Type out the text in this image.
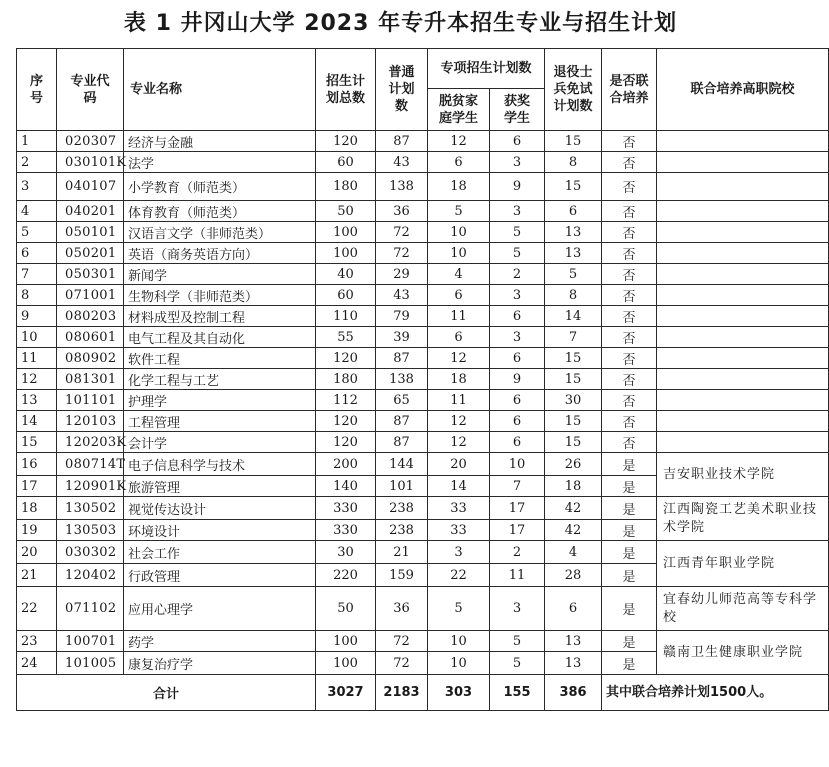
表 1 井冈山大学 2023 年专升本招生专业与招生计划
序号	专业代码	专业名称	招生计划总数	普通计划数	专项招生计划数		退役士兵免试计划数	是否联合培养	联合培养高职院校
					脱贫家庭学生	获奖学生			
1	020307	经济与金融	120	87	12	6	15	否	
2	030101K	法学	60	43	6	3	8	否	
3	040107	小学教育（师范类）	180	138	18	9	15	否	
4	040201	体育教育（师范类）	50	36	5	3	6	否	
5	050101	汉语言文学（非师范类）	100	72	10	5	13	否	
6	050201	英语（商务英语方向）	100	72	10	5	13	否	
7	050301	新闻学	40	29	4	2	5	否	
8	071001	生物科学（非师范类）	60	43	6	3	8	否	
9	080203	材料成型及控制工程	110	79	11	6	14	否	
10	080601	电气工程及其自动化	55	39	6	3	7	否	
11	080902	软件工程	120	87	12	6	15	否	
12	081301	化学工程与工艺	180	138	18	9	15	否	
13	101101	护理学	112	65	11	6	30	否	
14	120103	工程管理	120	87	12	6	15	否	
15	120203K	会计学	120	87	12	6	15	否	
16	080714T	电子信息科学与技术	200	144	20	10	26	是	吉安职业技术学院
17	120901K	旅游管理	140	101	14	7	18	是	
18	130502	视觉传达设计	330	238	33	17	42	是	江西陶瓷工艺美术职业技术学院
19	130503	环境设计	330	238	33	17	42	是	
20	030302	社会工作	30	21	3	2	4	是	江西青年职业学院
21	120402	行政管理	220	159	22	11	28	是	
22	071102	应用心理学	50	36	5	3	6	是	宜春幼儿师范高等专科学校
23	100701	药学	100	72	10	5	13	是	赣南卫生健康职业学院
24	101005	康复治疗学	100	72	10	5	13	是	
合计			3027	2183	303	155	386	其中联合培养计划1500人。	
